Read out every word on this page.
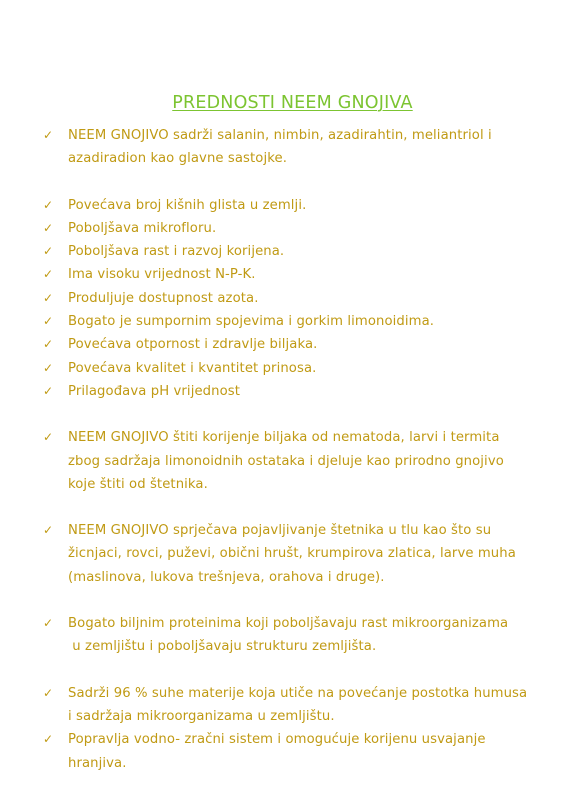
PREDNOSTI NEEM GNOJIVA
✓ NEEM GNOJIVO sadrži salanin, nimbin, azadirahtin, meliantriol i
azadiradion kao glavne sastojke.
✓ Povećava broj kišnih glista u zemlji.
✓ Poboljšava mikrofloru.
✓ Poboljšava rast i razvoj korijena.
✓ Ima visoku vrijednost N-P-K.
✓ Produljuje dostupnost azota.
✓ Bogato je sumpornim spojevima i gorkim limonoidima.
✓ Povećava otpornost i zdravlje biljaka.
✓ Povećava kvalitet i kvantitet prinosa.
✓ Prilagođava pH vrijednost
✓ NEEM GNOJIVO štiti korijenje biljaka od nematoda, larvi i termita
zbog sadržaja limonoidnih ostataka i djeluje kao prirodno gnojivo
koje štiti od štetnika.
✓ NEEM GNOJIVO sprječava pojavljivanje štetnika u tlu kao što su
žicnjaci, rovci, puževi, obični hrušt, krumpirova zlatica, larve muha
(maslinova, lukova trešnjeva, orahova i druge).
✓ Bogato biljnim proteinima koji poboljšavaju rast mikroorganizama
u zemljištu i poboljšavaju strukturu zemljišta.
✓ Sadrži 96 % suhe materije koja utiče na povećanje postotka humusa
i sadržaja mikroorganizama u zemljištu.
✓ Popravlja vodno- zračni sistem i omogućuje korijenu usvajanje
hranjiva.
